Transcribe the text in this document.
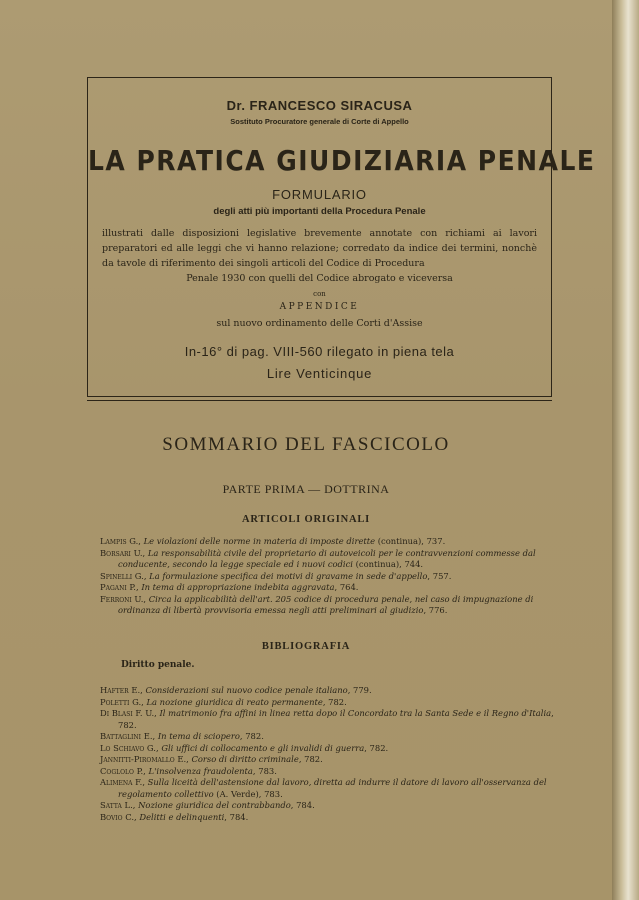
Dr. FRANCESCO SIRACUSA
Sostituto Procuratore generale di Corte di Appello
LA PRATICA GIUDIZIARIA PENALE
FORMULARIO
degli atti più importanti della Procedura Penale
illustrati dalle disposizioni legislative brevemente annotate con richiami ai lavori preparatori ed alle leggi che vi hanno relazione; corredato da indice dei termini, nonchè da tavole di riferimento dei singoli articoli del Codice di Procedura
Penale 1930 con quelli del Codice abrogato e viceversa
con
APPENDICE
sul nuovo ordinamento delle Corti d'Assise
In-16° di pag. VIII-560 rilegato in piena tela
Lire Venticinque
SOMMARIO DEL FASCICOLO
PARTE PRIMA — DOTTRINA
ARTICOLI ORIGINALI
Lampis G., Le violazioni delle norme in materia di imposte dirette (continua), 737.
Borsari U., La responsabilità civile del proprietario di autoveicoli per le contravvenzioni commesse dal conducente, secondo la legge speciale ed i nuovi codici (continua), 744.
Spinelli G., La formulazione specifica dei motivi di gravame in sede d'appello, 757.
Pagani P., In tema di appropriazione indebita aggravata, 764.
Ferroni U., Circa la applicabilità dell'art. 205 codice di procedura penale, nel caso di impugnazione di ordinanza di libertà provvisoria emessa negli atti preliminari al giudizio, 776.
BIBLIOGRAFIA
Diritto penale.
Hafter E., Considerazioni sul nuovo codice penale italiano, 779.
Poletti G., La nozione giuridica di reato permanente, 782.
Di Blasi F. U., Il matrimonio fra affini in linea retta dopo il Concordato tra la Santa Sede e il Regno d'Italia, 782.
Battaglini E., In tema di sciopero, 782.
Lo Schiavo G., Gli uffici di collocamento e gli invalidi di guerra, 782.
Jannitti-Piromallo E., Corso di diritto criminale, 782.
Coglolo P., L'insolvenza fraudolenta, 783.
Alimena F., Sulla liceità dell'astensione dal lavoro, diretta ad indurre il datore di lavoro all'osservanza del regolamento collettivo (A. Verde), 783.
Satta L., Nozione giuridica del contrabbando, 784.
Bovio C., Delitti e delinquenti, 784.
